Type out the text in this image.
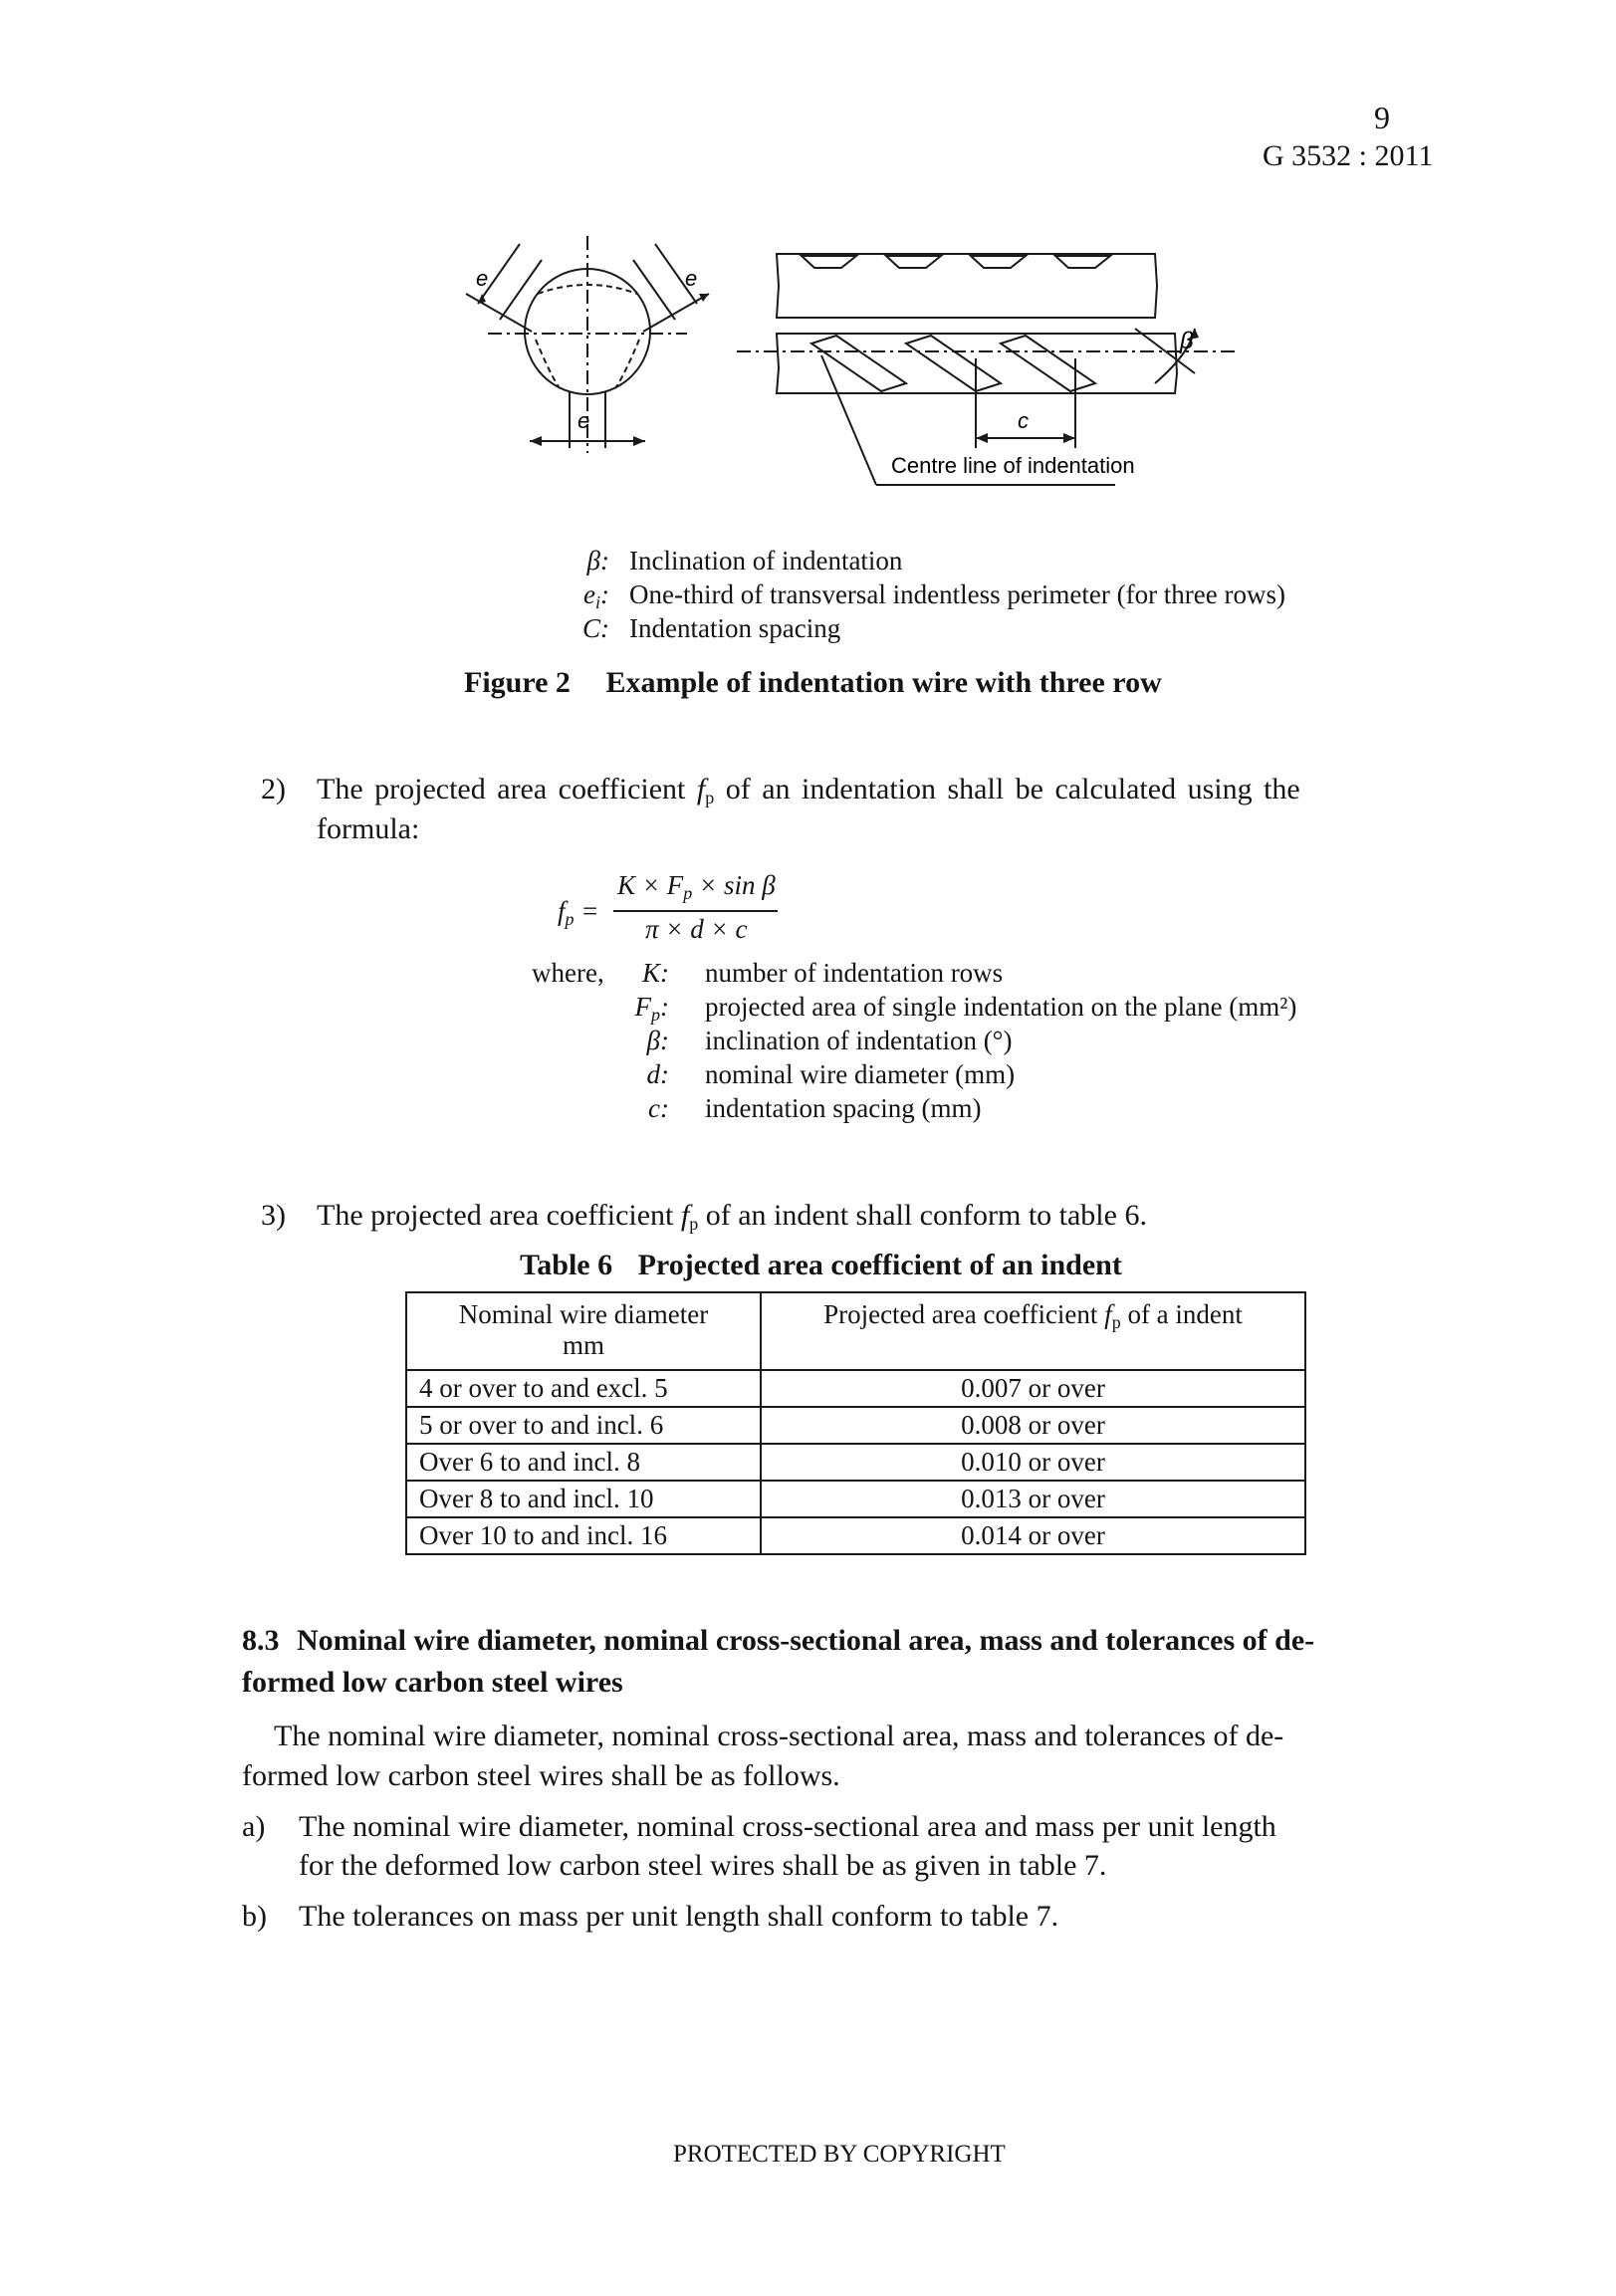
9
G 3532 : 2011
e	e
e
β
c
Centre line of indentation
β: Inclination of indentation
$e_i$: One-third of transversal indentless perimeter (for three rows)
C: Indentation spacing
Figure 2 Example of indentation wire with three row
2) The projected area coefficient $f_p$ of an indentation shall be calculated using the
formula:
$f_p$ =
$K \times F_p \times \sin \beta$
π × d × c
where,	K:	number of indentation rows
$F_p$:	projected area of single indentation on the plane (mm²)
β:	inclination of indentation (°)
d:	nominal wire diameter (mm)
c:	indentation spacing (mm)
3) The projected area coefficient $f_p$ of an indent shall conform to table 6.
Table 6 Projected area coefficient of an indent
Nominal wire diameter
mm	Projected area coefficient $f_p$ of a indent
4 or over to and excl. 5	0.007 or over
5 or over to and incl. 6	0.008 or over
Over 6 to and incl. 8	0.010 or over
Over 8 to and incl. 10	0.013 or over
Over 10 to and incl. 16	0.014 or over
8.3 Nominal wire diameter, nominal cross-sectional area, mass and tolerances of de-
formed low carbon steel wires
The nominal wire diameter, nominal cross-sectional area, mass and tolerances of de-
formed low carbon steel wires shall be as follows.
a) The nominal wire diameter, nominal cross-sectional area and mass per unit length
for the deformed low carbon steel wires shall be as given in table 7.
b) The tolerances on mass per unit length shall conform to table 7.
PROTECTED BY COPYRIGHT
